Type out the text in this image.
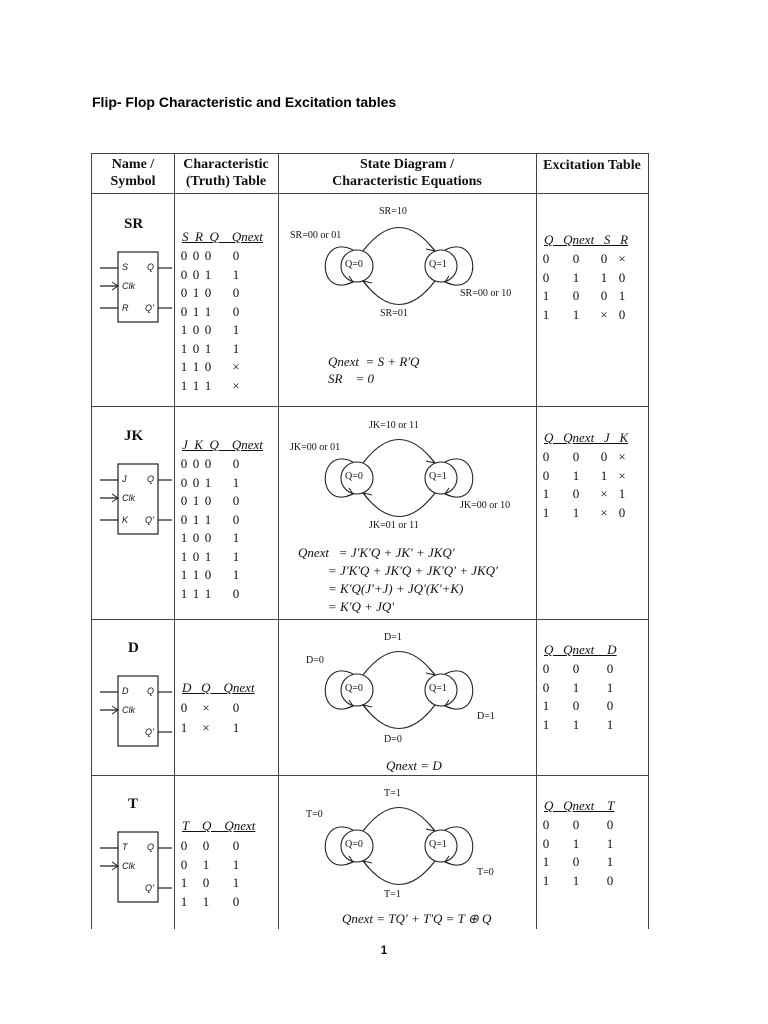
Flip- Flop Characteristic and Excitation tables
Name /
Symbol
Characteristic
(Truth) Table
State Diagram /
Characteristic Equations
Excitation Table
SR
S
Clk
R
Q
Q'
S  R  Q    Qnext
0 0 0	0
0 0 1	1
0 1 0	0
0 1 1	0
1 0 0	1
1 0 1	1
1 1 0	×
1 1 1	×
SR=10
SR=00 or 01
SR=00 or 10
SR=01
Q=0	Q=1
Qnext  = S + R'Q
SR    = 0
Q   Qnext   S   R
0	0	0 ×
0	1	1 0
1	0	0 1
1	1	× 0
JK
J
Clk
K
Q
Q'
J  K  Q    Qnext
0 0 0	0
0 0 1	1
0 1 0	0
0 1 1	0
1 0 0	1
1 0 1	1
1 1 0	1
1 1 1	0
JK=10 or 11
JK=00 or 01
JK=00 or 10
JK=01 or 11
Q=0	Q=1
Qnext   = J'K'Q + JK' + JKQ'
= J'K'Q + JK'Q + JK'Q' + JKQ'
= K'Q(J'+J) + JQ'(K'+K)
= K'Q + JQ'
Q   Qnext   J   K
0	0	0 ×
0	1	1 ×
1	0	× 1
1	1	× 0
D
D
Clk
Q
Q'
D   Q    Qnext
0	×	0
1	×	1
D=1
D=0
D=1
D=0
Q=0	Q=1
Qnext = D
Q   Qnext    D
0	0	0
0	1	1
1	0	0
1	1	1
T
T
Clk
Q
Q'
T    Q    Qnext
0	0	0
0	1	1
1	0	1
1	1	0
T=1
T=0
T=0
T=1
Q=0	Q=1
Qnext = TQ' + T'Q = T ⊕ Q
Q   Qnext    T
0	0	0
0	1	1
1	0	1
1	1	0
1
